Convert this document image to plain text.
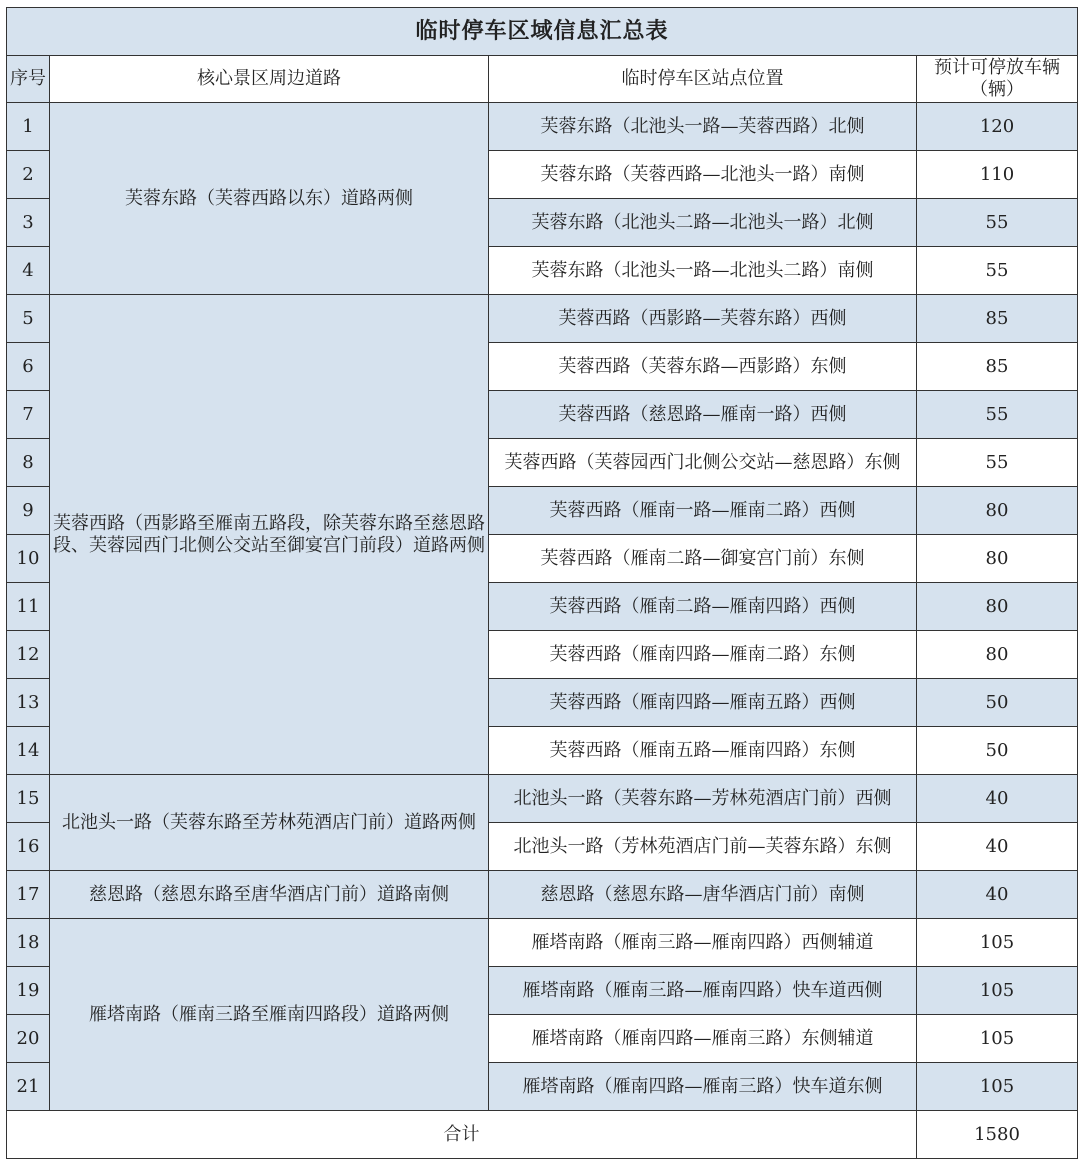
临时停车区域信息汇总表			
序号	核心景区周边道路	临时停车区站点位置	预计可停放车辆（辆）
1	芙蓉东路（芙蓉西路以东）道路两侧	芙蓉东路（北池头一路—芙蓉西路）北侧	120
2		芙蓉东路（芙蓉西路—北池头一路）南侧	110
3		芙蓉东路（北池头二路—北池头一路）北侧	55
4		芙蓉东路（北池头一路—北池头二路）南侧	55
5	芙蓉西路（西影路至雁南五路段，除芙蓉东路至慈恩路段、芙蓉园西门北侧公交站至御宴宫门前段）道路两侧	芙蓉西路（西影路—芙蓉东路）西侧	85
6		芙蓉西路（芙蓉东路—西影路）东侧	85
7		芙蓉西路（慈恩路—雁南一路）西侧	55
8		芙蓉西路（芙蓉园西门北侧公交站—慈恩路）东侧	55
9		芙蓉西路（雁南一路—雁南二路）西侧	80
10		芙蓉西路（雁南二路—御宴宫门前）东侧	80
11		芙蓉西路（雁南二路—雁南四路）西侧	80
12		芙蓉西路（雁南四路—雁南二路）东侧	80
13		芙蓉西路（雁南四路—雁南五路）西侧	50
14		芙蓉西路（雁南五路—雁南四路）东侧	50
15	北池头一路（芙蓉东路至芳林苑酒店门前）道路两侧	北池头一路（芙蓉东路—芳林苑酒店门前）西侧	40
16		北池头一路（芳林苑酒店门前—芙蓉东路）东侧	40
17	慈恩路（慈恩东路至唐华酒店门前）道路南侧	慈恩路（慈恩东路—唐华酒店门前）南侧	40
18	雁塔南路（雁南三路至雁南四路段）道路两侧	雁塔南路（雁南三路—雁南四路）西侧辅道	105
19		雁塔南路（雁南三路—雁南四路）快车道西侧	105
20		雁塔南路（雁南四路—雁南三路）东侧辅道	105
21		雁塔南路（雁南四路—雁南三路）快车道东侧	105
合计			1580
